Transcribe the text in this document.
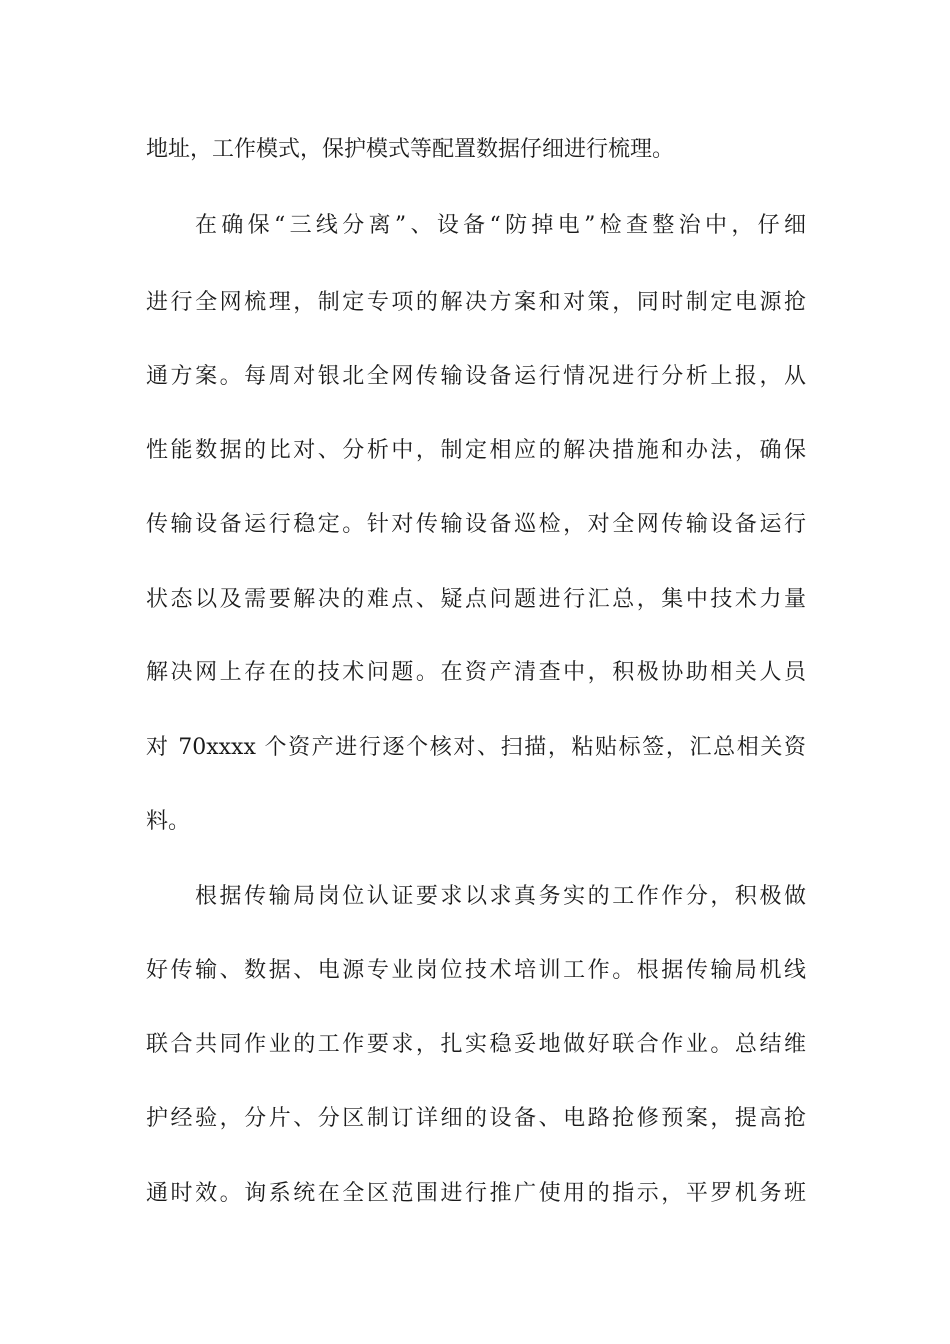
地址，工作模式，保护模式等配置数据仔细进行梳理。
在确保“三线分离”、设备“防掉电”检查整治中，仔细
进行全网梳理，制定专项的解决方案和对策，同时制定电源抢
通方案。每周对银北全网传输设备运行情况进行分析上报，从
性能数据的比对、分析中，制定相应的解决措施和办法，确保
传输设备运行稳定。针对传输设备巡检，对全网传输设备运行
状态以及需要解决的难点、疑点问题进行汇总，集中技术力量
解决网上存在的技术问题。在资产清查中，积极协助相关人员
对 70xxxx 个资产进行逐个核对、扫描，粘贴标签，汇总相关资
料。
根据传输局岗位认证要求以求真务实的工作作分，积极做
好传输、数据、电源专业岗位技术培训工作。根据传输局机线
联合共同作业的工作要求，扎实稳妥地做好联合作业。总结维
护经验，分片、分区制订详细的设备、电路抢修预案，提高抢
通时效。询系统在全区范围进行推广使用的指示，平罗机务班
